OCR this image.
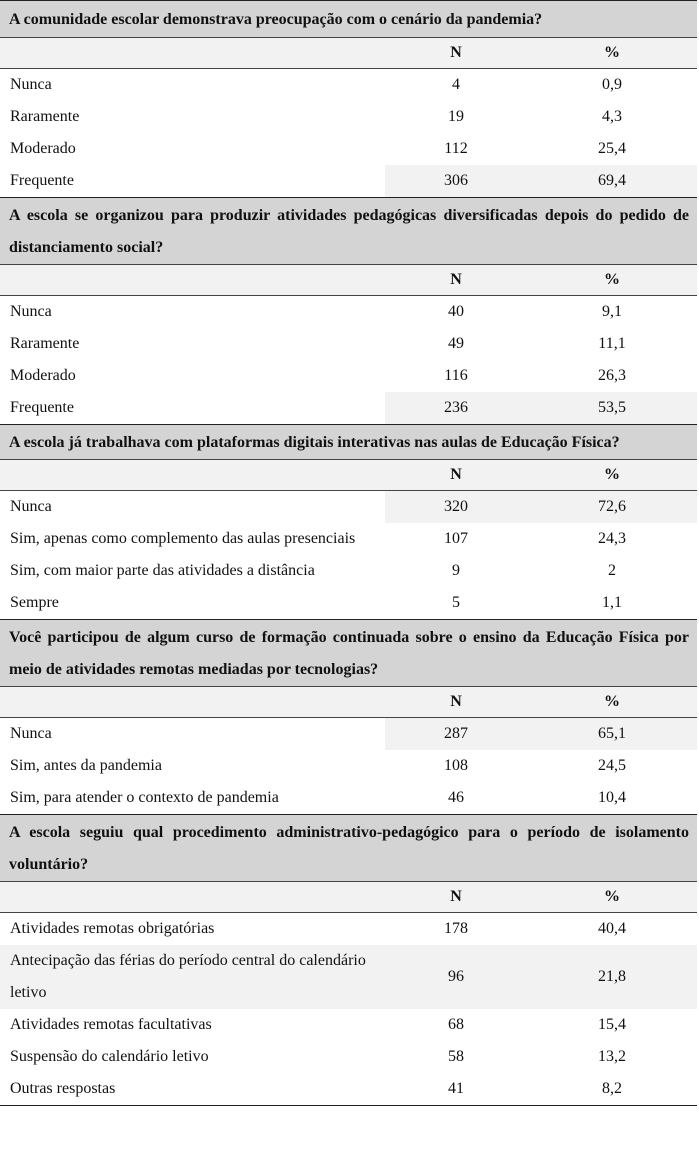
A comunidade escolar demonstrava preocupação com o cenário da pandemia?		
	N	%
Nunca	4	0,9
Raramente	19	4,3
Moderado	112	25,4
Frequente	306	69,4
A escola se organizou para produzir atividades pedagógicas diversificadas depois do pedido de distanciamento social?		
	N	%
Nunca	40	9,1
Raramente	49	11,1
Moderado	116	26,3
Frequente	236	53,5
A escola já trabalhava com plataformas digitais interativas nas aulas de Educação Física?		
	N	%
Nunca	320	72,6
Sim, apenas como complemento das aulas presenciais	107	24,3
Sim, com maior parte das atividades a distância	9	2
Sempre	5	1,1
Você participou de algum curso de formação continuada sobre o ensino da Educação Física por meio de atividades remotas mediadas por tecnologias?		
	N	%
Nunca	287	65,1
Sim, antes da pandemia	108	24,5
Sim, para atender o contexto de pandemia	46	10,4
A escola seguiu qual procedimento administrativo-pedagógico para o período de isolamento voluntário?		
	N	%
Atividades remotas obrigatórias	178	40,4
Antecipação das férias do período central do calendário letivo	96	21,8
Atividades remotas facultativas	68	15,4
Suspensão do calendário letivo	58	13,2
Outras respostas	41	8,2
